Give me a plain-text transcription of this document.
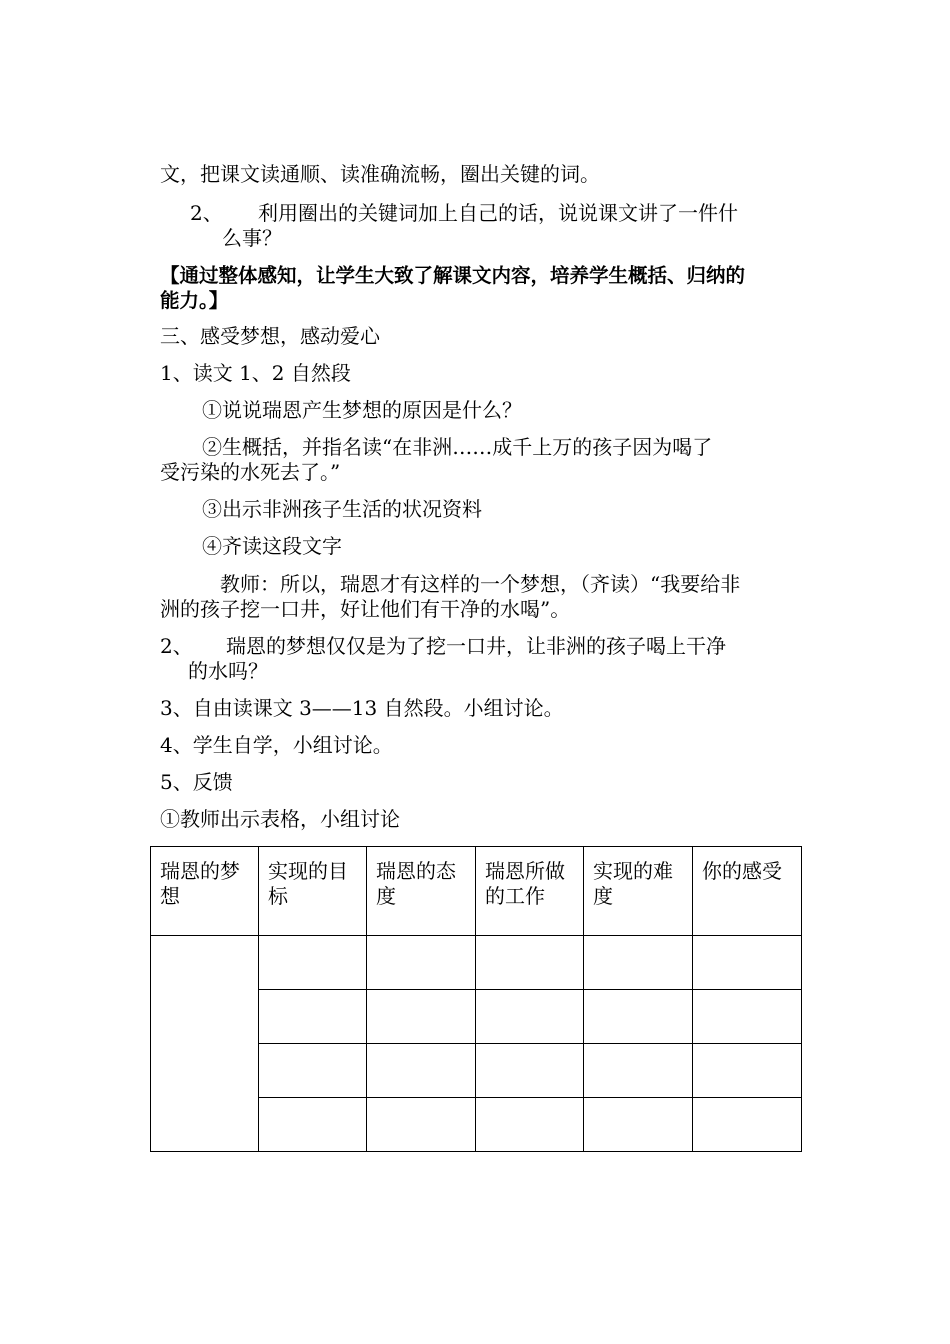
文，把课文读通顺、读准确流畅，圈出关键的词。
2、 利用圈出的关键词加上自己的话，说说课文讲了一件什
么事？
【通过整体感知，让学生大致了解课文内容，培养学生概括、归纳的
能力。】
三、感受梦想，感动爱心
1、读文 1、2 自然段
①说说瑞恩产生梦想的原因是什么？
②生概括，并指名读“在非洲……成千上万的孩子因为喝了
受污染的水死去了。”
③出示非洲孩子生活的状况资料
④齐读这段文字
教师：所以，瑞恩才有这样的一个梦想，（齐读）“我要给非
洲的孩子挖一口井，好让他们有干净的水喝”。
2、 瑞恩的梦想仅仅是为了挖一口井，让非洲的孩子喝上干净
的水吗？
3、自由读课文 3——13 自然段。小组讨论。
4、学生自学，小组讨论。
5、反馈
①教师出示表格，小组讨论
瑞恩的梦想	实现的目标	瑞恩的态度	瑞恩所做的工作	实现的难度	你的感受
